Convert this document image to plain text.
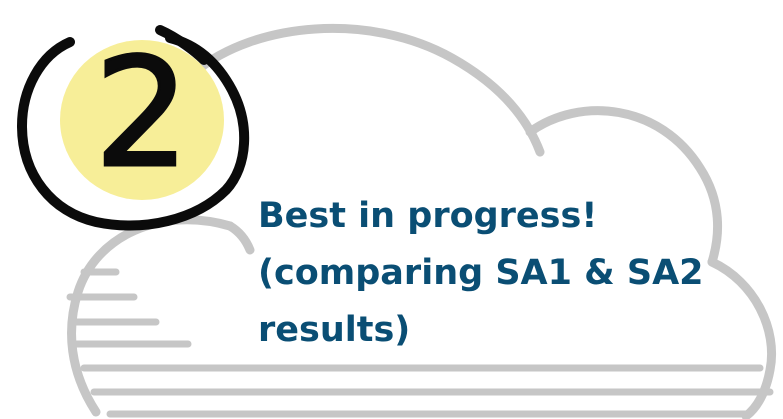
2
Best in progress!
(comparing SA1 & SA2
results)
